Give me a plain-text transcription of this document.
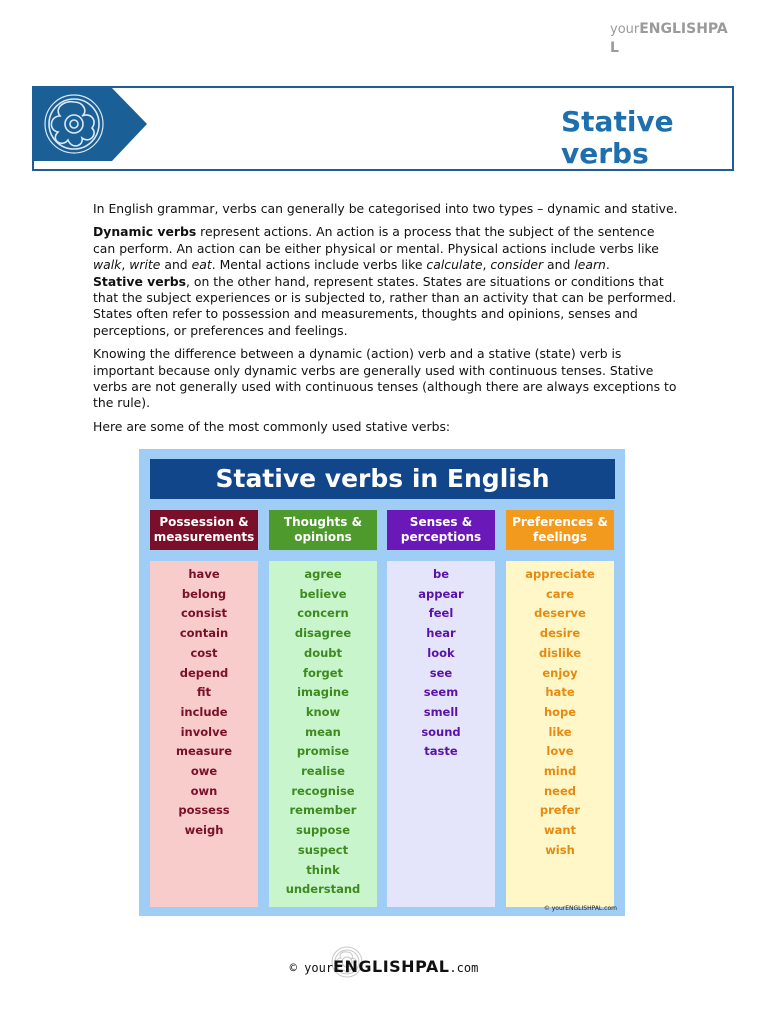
yourENGLISHPAL
Stative verbs

In English grammar, verbs can generally be categorised into two types – dynamic and stative.

Dynamic verbs represent actions. An action is a process that the subject of the sentence can perform. An action can be either physical or mental. Physical actions include verbs like walk, write and eat. Mental actions include verbs like calculate, consider and learn.
Stative verbs, on the other hand, represent states. States are situations or conditions that that the subject experiences or is subjected to, rather than an activity that can be performed. States often refer to possession and measurements, thoughts and opinions, senses and perceptions, or preferences and feelings.

Knowing the difference between a dynamic (action) verb and a stative (state) verb is important because only dynamic verbs are generally used with continuous tenses. Stative verbs are not generally used with continuous tenses (although there are always exceptions to the rule).

Here are some of the most commonly used stative verbs:

Stative verbs in English
Possession & measurements
have
belong
consist
contain
cost
depend
fit
include
involve
measure
owe
own
possess
weigh
Thoughts & opinions
agree
believe
concern
disagree
doubt
forget
imagine
know
mean
promise
realise
recognise
remember
suppose
suspect
think
understand
Senses & perceptions
be
appear
feel
hear
look
see
seem
smell
sound
taste
Preferences & feelings
appreciate
care
deserve
desire
dislike
enjoy
hate
hope
like
love
mind
need
prefer
want
wish
© yourENGLISHPAL.com
© yourENGLISHPAL.com
